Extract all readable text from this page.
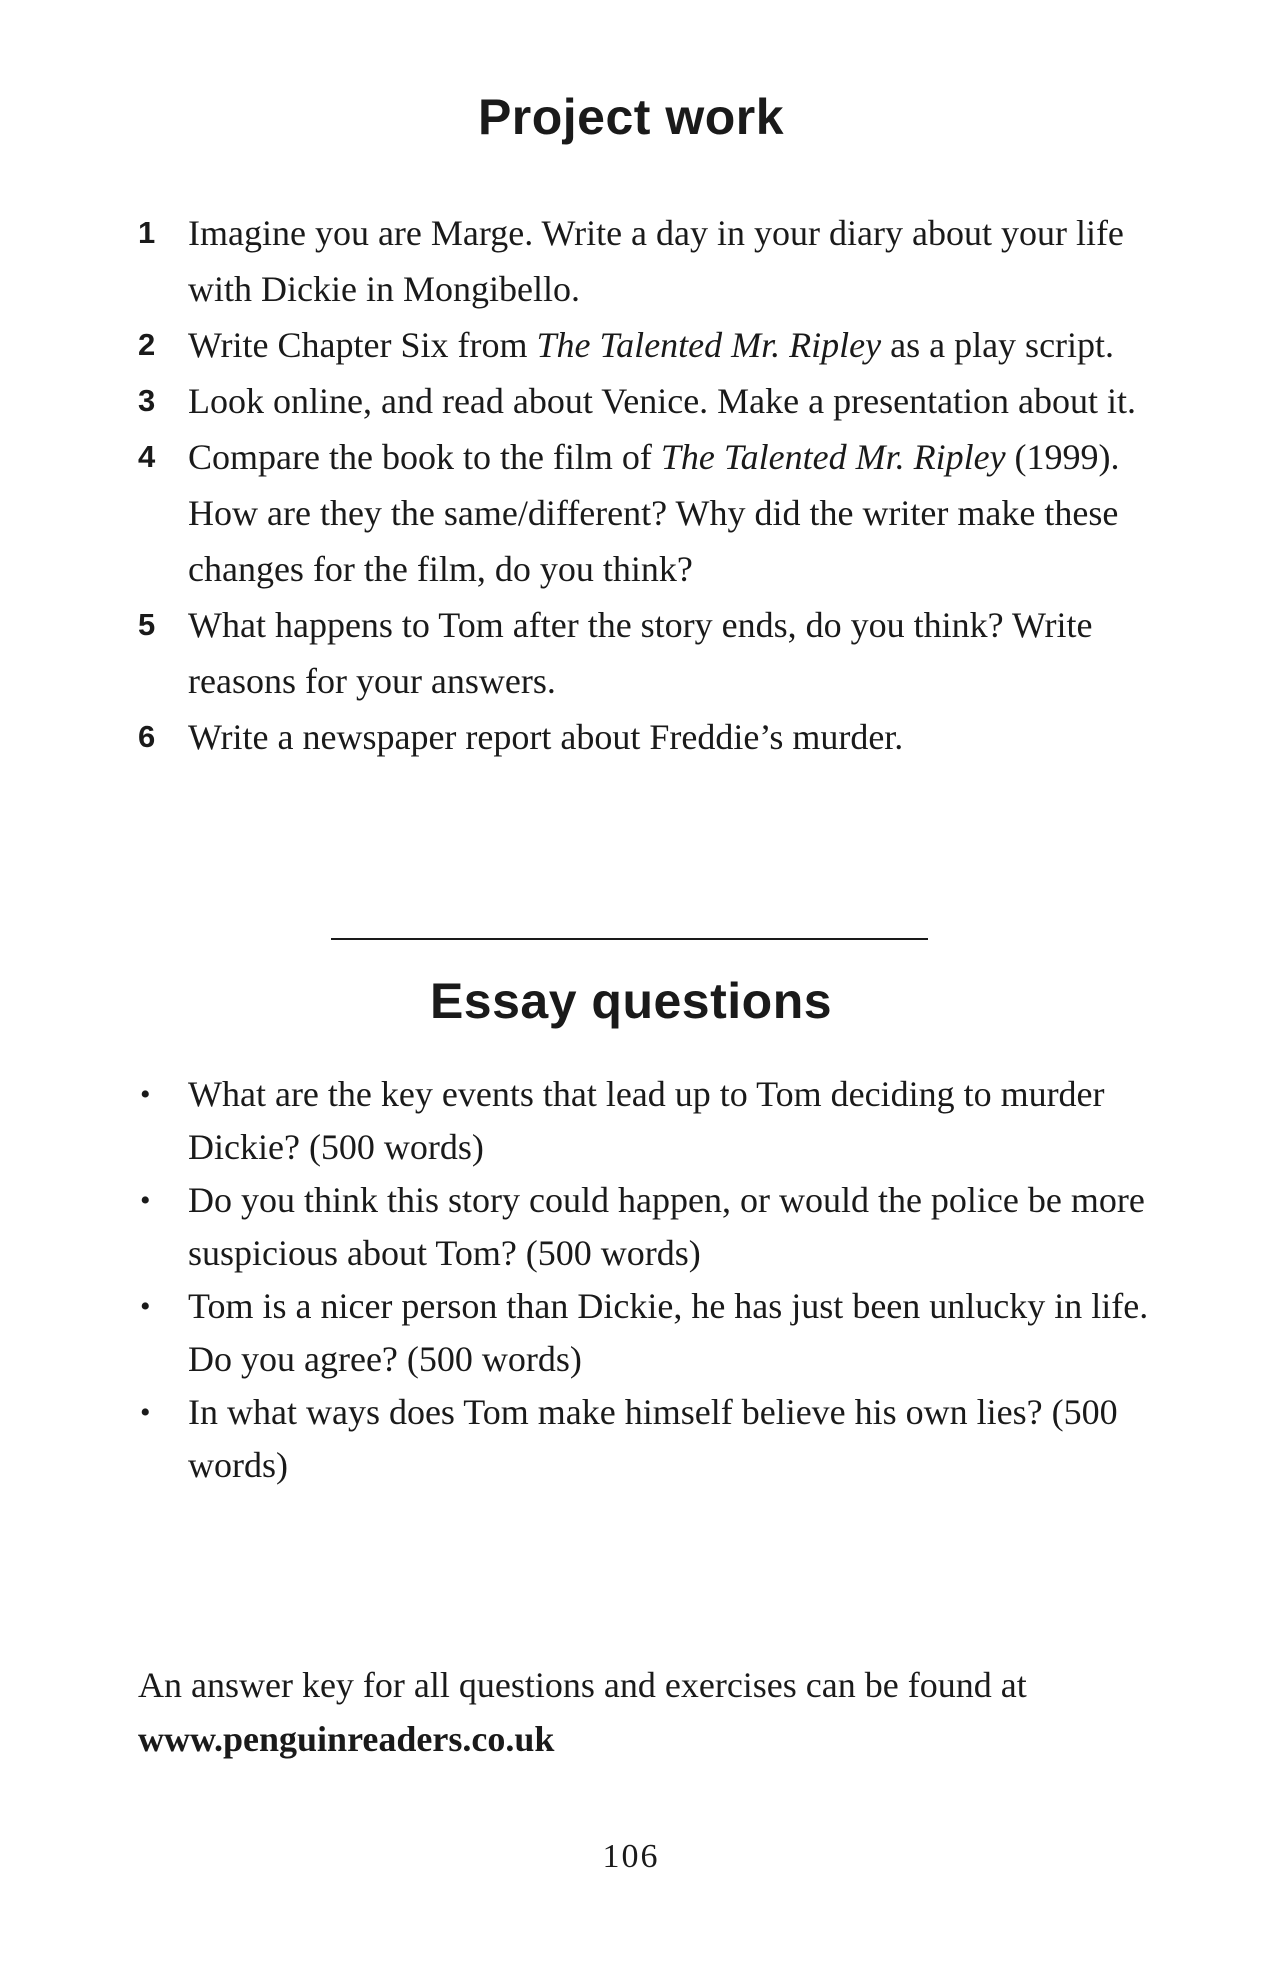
Project work
1 Imagine you are Marge. Write a day in your diary about your life with Dickie in Mongibello.
2 Write Chapter Six from The Talented Mr. Ripley as a play script.
3 Look online, and read about Venice. Make a presentation about it.
4 Compare the book to the film of The Talented Mr. Ripley (1999). How are they the same/different? Why did the writer make these changes for the film, do you think?
5 What happens to Tom after the story ends, do you think? Write reasons for your answers.
6 Write a newspaper report about Freddie’s murder.
Essay questions
• What are the key events that lead up to Tom deciding to murder Dickie? (500 words)
• Do you think this story could happen, or would the police be more suspicious about Tom? (500 words)
• Tom is a nicer person than Dickie, he has just been unlucky in life. Do you agree? (500 words)
• In what ways does Tom make himself believe his own lies? (500 words)

An answer key for all questions and exercises can be found at
www.penguinreaders.co.uk

106
